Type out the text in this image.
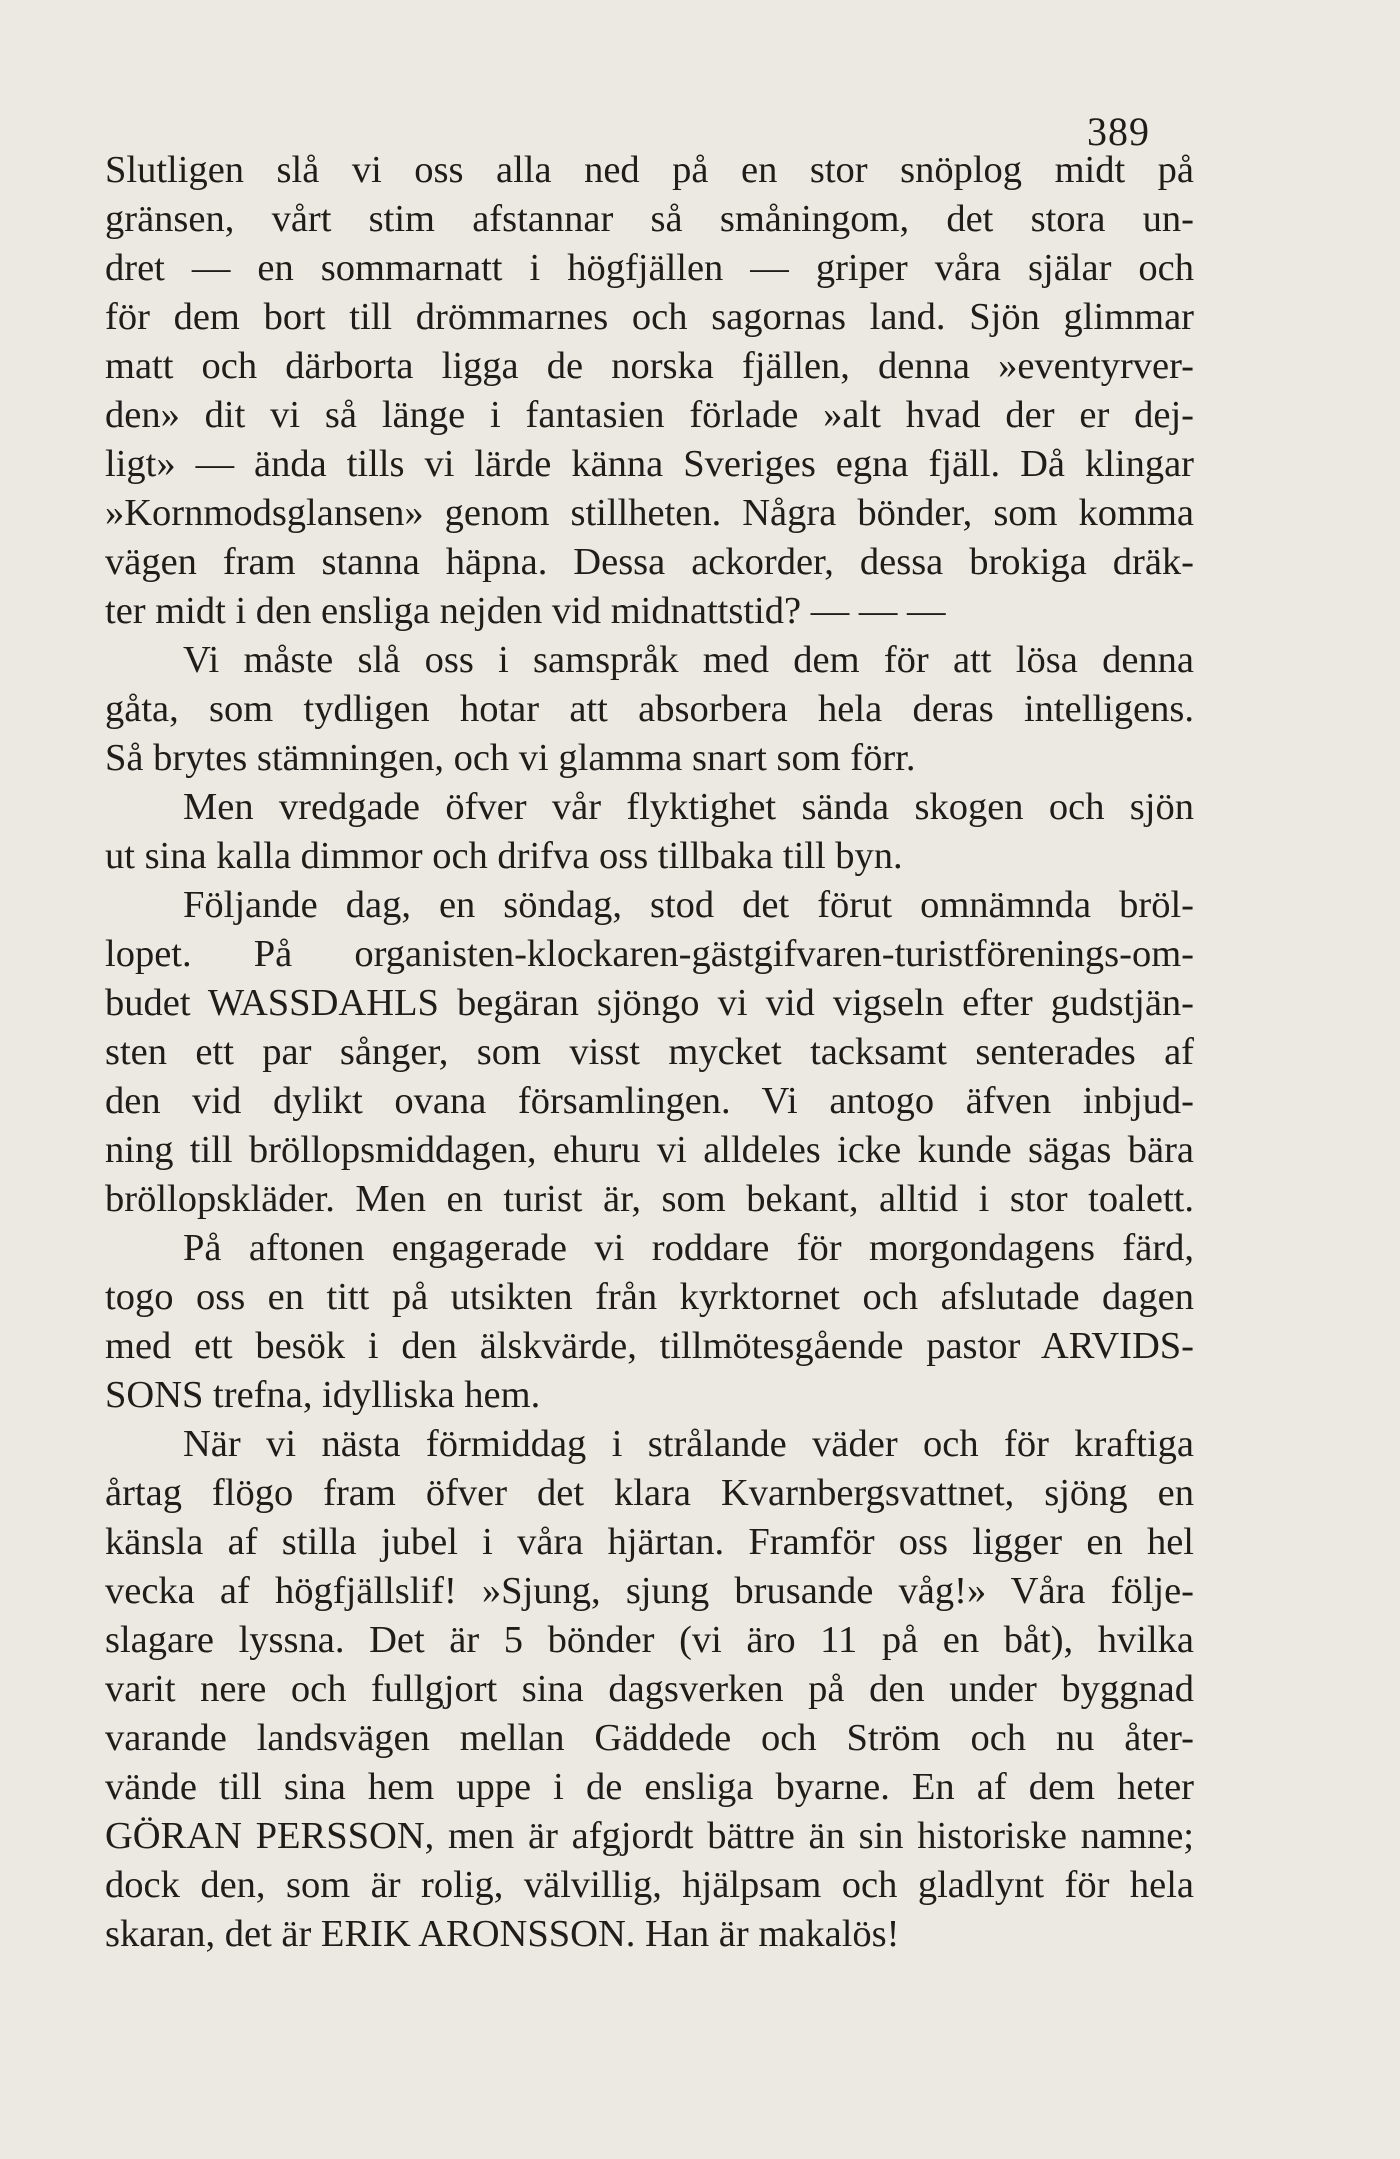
389
Slutligen slå vi oss alla ned på en stor snöplog midt på
gränsen, vårt stim afstannar så småningom, det stora un-
dret — en sommarnatt i högfjällen — griper våra själar och
för dem bort till drömmarnes och sagornas land. Sjön glimmar
matt och därborta ligga de norska fjällen, denna »eventyrver-
den» dit vi så länge i fantasien förlade »alt hvad der er dej-
ligt» — ända tills vi lärde känna Sveriges egna fjäll. Då klingar
»Kornmodsglansen» genom stillheten. Några bönder, som komma
vägen fram stanna häpna. Dessa ackorder, dessa brokiga dräk-
ter midt i den ensliga nejden vid midnattstid? — — —
Vi måste slå oss i samspråk med dem för att lösa denna
gåta, som tydligen hotar att absorbera hela deras intelligens.
Så brytes stämningen, och vi glamma snart som förr.
Men vredgade öfver vår flyktighet sända skogen och sjön
ut sina kalla dimmor och drifva oss tillbaka till byn.
Följande dag, en söndag, stod det förut omnämnda bröl-
lopet. På organisten-klockaren-gästgifvaren-turistförenings-om-
budet WASSDAHLS begäran sjöngo vi vid vigseln efter gudstjän-
sten ett par sånger, som visst mycket tacksamt senterades af
den vid dylikt ovana församlingen. Vi antogo äfven inbjud-
ning till bröllopsmiddagen, ehuru vi alldeles icke kunde sägas bära
bröllopskläder. Men en turist är, som bekant, alltid i stor toalett.
På aftonen engagerade vi roddare för morgondagens färd,
togo oss en titt på utsikten från kyrktornet och afslutade dagen
med ett besök i den älskvärde, tillmötesgående pastor ARVIDS-
SONS trefna, idylliska hem.
När vi nästa förmiddag i strålande väder och för kraftiga
årtag flögo fram öfver det klara Kvarnbergsvattnet, sjöng en
känsla af stilla jubel i våra hjärtan. Framför oss ligger en hel
vecka af högfjällslif! »Sjung, sjung brusande våg!» Våra följe-
slagare lyssna. Det är 5 bönder (vi äro 11 på en båt), hvilka
varit nere och fullgjort sina dagsverken på den under byggnad
varande landsvägen mellan Gäddede och Ström och nu åter-
vände till sina hem uppe i de ensliga byarne. En af dem heter
GÖRAN PERSSON, men är afgjordt bättre än sin historiske namne;
dock den, som är rolig, välvillig, hjälpsam och gladlynt för hela
skaran, det är ERIK ARONSSON. Han är makalös!
